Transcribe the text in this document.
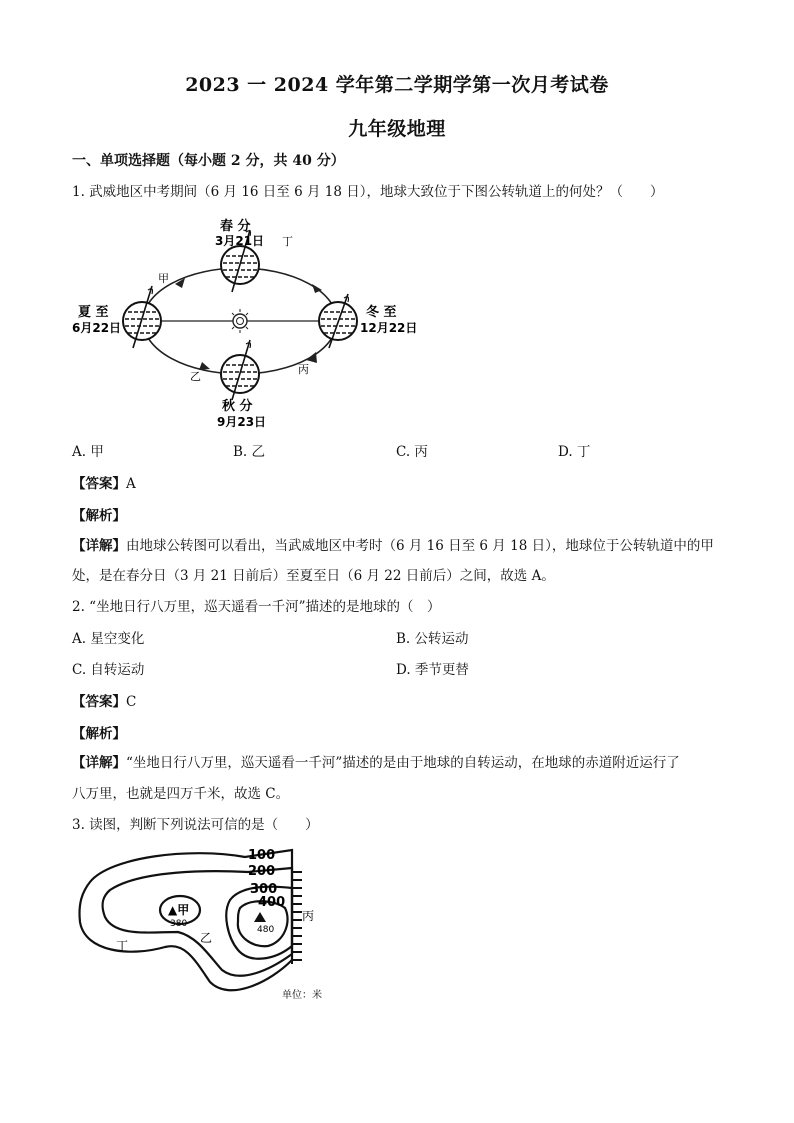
2023 一 2024 学年第二学期学第一次月考试卷
九年级地理
一、单项选择题（每小题 2 分，共 40 分）
1. 武威地区中考期间（6 月 16 日至 6 月 18 日），地球大致位于下图公转轨道上的何处？（　　）
春 分
3月21日
夏 至
6月22日
冬 至
12月22日
秋 分
9月23日
甲
乙
丙
丁
A. 甲	B. 乙	C. 丙	D. 丁
【答案】A
【解析】
【详解】由地球公转图可以看出，当武威地区中考时（6 月 16 日至 6 月 18 日），地球位于公转轨道中的甲
处，是在春分日（3 月 21 日前后）至夏至日（6 月 22 日前后）之间，故选 A。
2. “坐地日行八万里，巡天遥看一千河”描述的是地球的（　）
A. 星空变化	B. 公转运动
C. 自转运动	D. 季节更替
【答案】C
【解析】
【详解】“坐地日行八万里，巡天遥看一千河”描述的是由于地球的自转运动，在地球的赤道附近运行了
八万里，也就是四万千米，故选 C。
3. 读图，判断下列说法可信的是（　　）
100
200
300
400
▲甲
380
480
乙
丙
丁
单位：米
